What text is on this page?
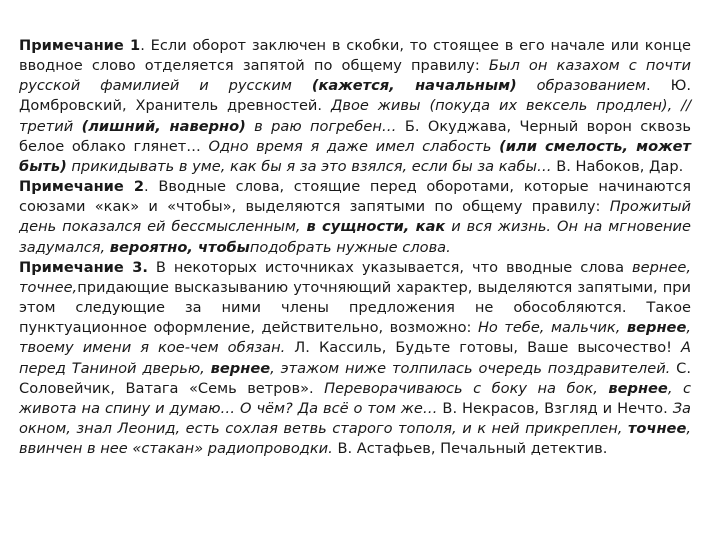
Примечание 1. Если оборот заключен в скобки, то стоящее в его начале или конце вводное слово отделяется запятой по общему правилу: Был он казахом с почти русской фамилией и русским (кажется, начальным) образованием. Ю. Домбровский, Хранитель древностей. Двое живы (покуда их вексель продлен), // третий (лишний, наверно) в раю погребен… Б. Окуджава, Черный ворон сквозь белое облако глянет… Одно время я даже имел слабость (или смелость, может быть) прикидывать в уме, как бы я за это взялся, если бы за кабы… В. Набоков, Дар.

Примечание 2. Вводные слова, стоящие перед оборотами, которые начинаются союзами «как» и «чтобы», выделяются запятыми по общему правилу: Прожитый день показался ей бессмысленным, в сущности, как и вся жизнь. Он на мгновение задумался, вероятно, чтобыподобрать нужные слова.

Примечание 3. В некоторых источниках указывается, что вводные слова вернее, точнее,придающие высказыванию уточняющий характер, выделяются запятыми, при этом следующие за ними члены предложения не обособляются. Такое пунктуационное оформление, действительно, возможно: Но тебе, мальчик, вернее, твоему имени я кое-чем обязан. Л. Кассиль, Будьте готовы, Ваше высочество! А перед Таниной дверью, вернее, этажом ниже толпилась очередь поздравителей. С. Соловейчик, Ватага «Семь ветров». Переворачиваюсь с боку на бок, вернее, с живота на спину и думаю… О чём? Да всё о том же… В. Некрасов, Взгляд и Нечто. За окном, знал Леонид, есть сохлая ветвь старого тополя, и к ней прикреплен, точнее, ввинчен в нее «стакан» радиопроводки. В. Астафьев, Печальный детектив.
